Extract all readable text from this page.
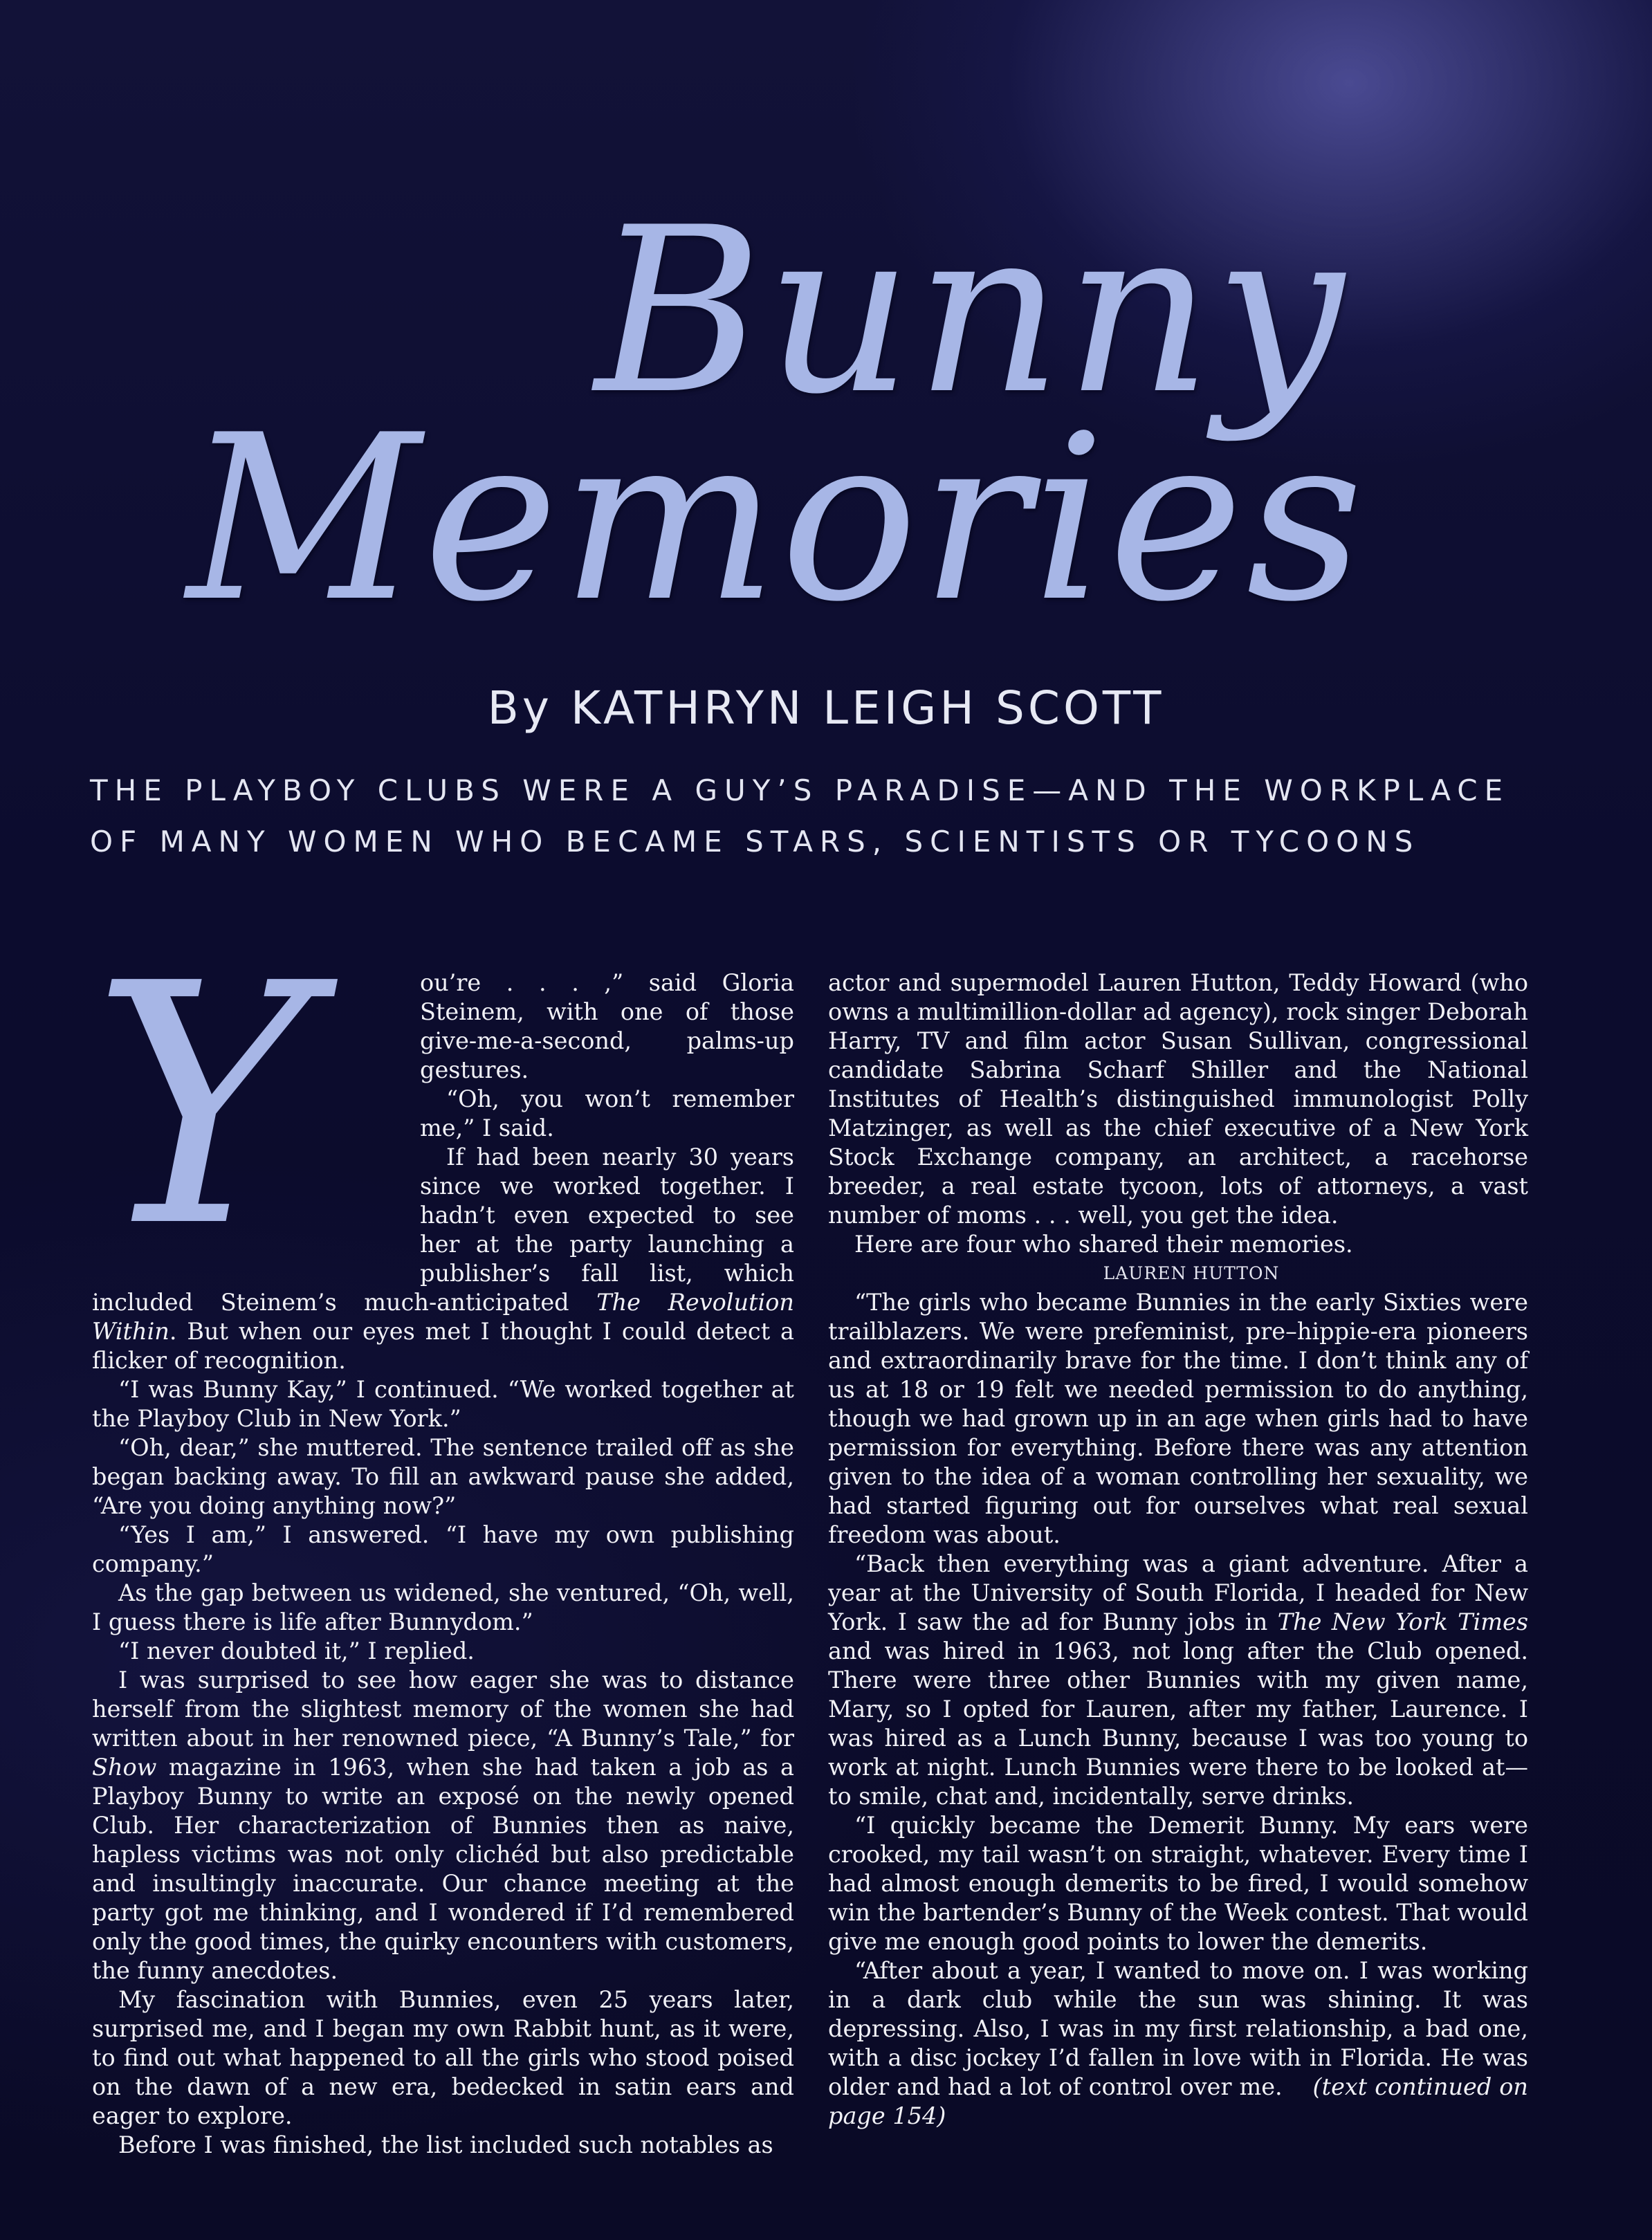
Bunny
Memories
By KATHRYN LEIGH SCOTT
THE PLAYBOY CLUBS WERE A GUY’S PARADISE—AND THE WORKPLACE
OF MANY WOMEN WHO BECAME STARS, SCIENTISTS OR TYCOONS
Y	ou’re . . . ,” said Gloria Steinem, with one of those give-me-a-second, palms-up gestures.

“Oh, you won’t remember me,” I said.

If had been nearly 30 years since we worked together. I hadn’t even expected to see her at the party launching a publisher’s fall list, which included Steinem’s much-anticipated The Revolution Within. But when our eyes met I thought I could detect a flicker of recognition.

“I was Bunny Kay,” I continued. “We worked together at the Playboy Club in New York.”

“Oh, dear,” she muttered. The sentence trailed off as she began backing away. To fill an awkward pause she added, “Are you doing anything now?”

“Yes I am,” I answered. “I have my own publishing company.”

As the gap between us widened, she ventured, “Oh, well, I guess there is life after Bunnydom.”

“I never doubted it,” I replied.

I was surprised to see how eager she was to distance herself from the slightest memory of the women she had written about in her renowned piece, “A Bunny’s Tale,” for Show magazine in 1963, when she had taken a job as a Playboy Bunny to write an exposé on the newly opened Club. Her characterization of Bunnies then as naive, hapless victims was not only clichéd but also predictable and insultingly inaccurate. Our chance meeting at the party got me thinking, and I wondered if I’d remembered only the good times, the quirky encounters with customers, the funny anecdotes.

My fascination with Bunnies, even 25 years later, surprised me, and I began my own Rabbit hunt, as it were, to find out what happened to all the girls who stood poised on the dawn of a new era, bedecked in satin ears and eager to explore.

Before I was finished, the list included such notables as

actor and supermodel Lauren Hutton, Teddy Howard (who owns a multimillion-dollar ad agency), rock singer Deborah Harry, TV and film actor Susan Sullivan, congressional candidate Sabrina Scharf Shiller and the National Institutes of Health’s distinguished immunologist Polly Matzinger, as well as the chief executive of a New York Stock Exchange company, an architect, a racehorse breeder, a real estate tycoon, lots of attorneys, a vast number of moms . . . well, you get the idea.

Here are four who shared their memories.

LAUREN HUTTON

“The girls who became Bunnies in the early Sixties were trailblazers. We were prefeminist, pre–hippie-era pioneers and extraordinarily brave for the time. I don’t think any of us at 18 or 19 felt we needed permission to do anything, though we had grown up in an age when girls had to have permission for everything. Before there was any attention given to the idea of a woman controlling her sexuality, we had started figuring out for ourselves what real sexual freedom was about.

“Back then everything was a giant adventure. After a year at the University of South Florida, I headed for New York. I saw the ad for Bunny jobs in The New York Times and was hired in 1963, not long after the Club opened. There were three other Bunnies with my given name, Mary, so I opted for Lauren, after my father, Laurence. I was hired as a Lunch Bunny, because I was too young to work at night. Lunch Bunnies were there to be looked at—to smile, chat and, incidentally, serve drinks.

“I quickly became the Demerit Bunny. My ears were crooked, my tail wasn’t on straight, whatever. Every time I had almost enough demerits to be fired, I would somehow win the bartender’s Bunny of the Week contest. That would give me enough good points to lower the demerits.

“After about a year, I wanted to move on. I was working in a dark club while the sun was shining. It was depressing. Also, I was in my first relationship, a bad one, with a disc jockey I’d fallen in love with in Florida. He was older and had a lot of control over me. (text continued on page 154)
